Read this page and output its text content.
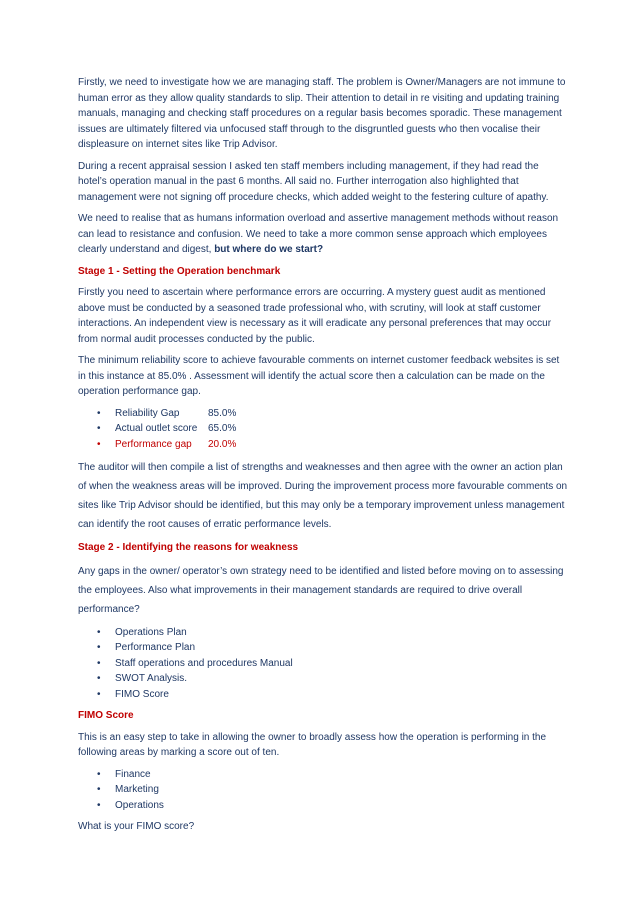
Firstly, we need to investigate how we are managing staff. The problem is Owner/Managers are not immune to human error as they allow quality standards to slip. Their attention to detail in re visiting and updating training manuals, managing and checking staff procedures on a regular basis becomes sporadic. These management issues are ultimately filtered via unfocused staff through to the disgruntled guests who then vocalise their displeasure on internet sites like Trip Advisor.

During a recent appraisal session I asked ten staff members including management, if they had read the hotel’s operation manual in the past 6 months. All said no. Further interrogation also highlighted that management were not signing off procedure checks, which added weight to the festering culture of apathy.

We need to realise that as humans information overload and assertive management methods without reason can lead to resistance and confusion. We need to take a more common sense approach which employees clearly understand and digest, but where do we start?

Stage 1 - Setting the Operation benchmark

Firstly you need to ascertain where performance errors are occurring. A mystery guest audit as mentioned above must be conducted by a seasoned trade professional who, with scrutiny, will look at staff customer interactions. An independent view is necessary as it will eradicate any personal preferences that may occur from normal audit processes conducted by the public.

The minimum reliability score to achieve favourable comments on internet customer feedback websites is set in this instance at 85.0% . Assessment will identify the actual score then a calculation can be made on the operation performance gap.

• Reliability Gap	85.0%
• Actual outlet score 65.0%
• Performance gap 20.0%

The auditor will then compile a list of strengths and weaknesses and then agree with the owner an action plan of when the weakness areas will be improved. During the improvement process more favourable comments on sites like Trip Advisor should be identified, but this may only be a temporary improvement unless management can identify the root causes of erratic performance levels.

Stage 2 - Identifying the reasons for weakness

Any gaps in the owner/ operator’s own strategy need to be identified and listed before moving on to assessing the employees. Also what improvements in their management standards are required to drive overall performance?

• Operations Plan
• Performance Plan
• Staff operations and procedures Manual
• SWOT Analysis.
• FIMO Score

FIMO Score

This is an easy step to take in allowing the owner to broadly assess how the operation is performing in the following areas by marking a score out of ten.

• Finance
• Marketing
• Operations

What is your FIMO score?
